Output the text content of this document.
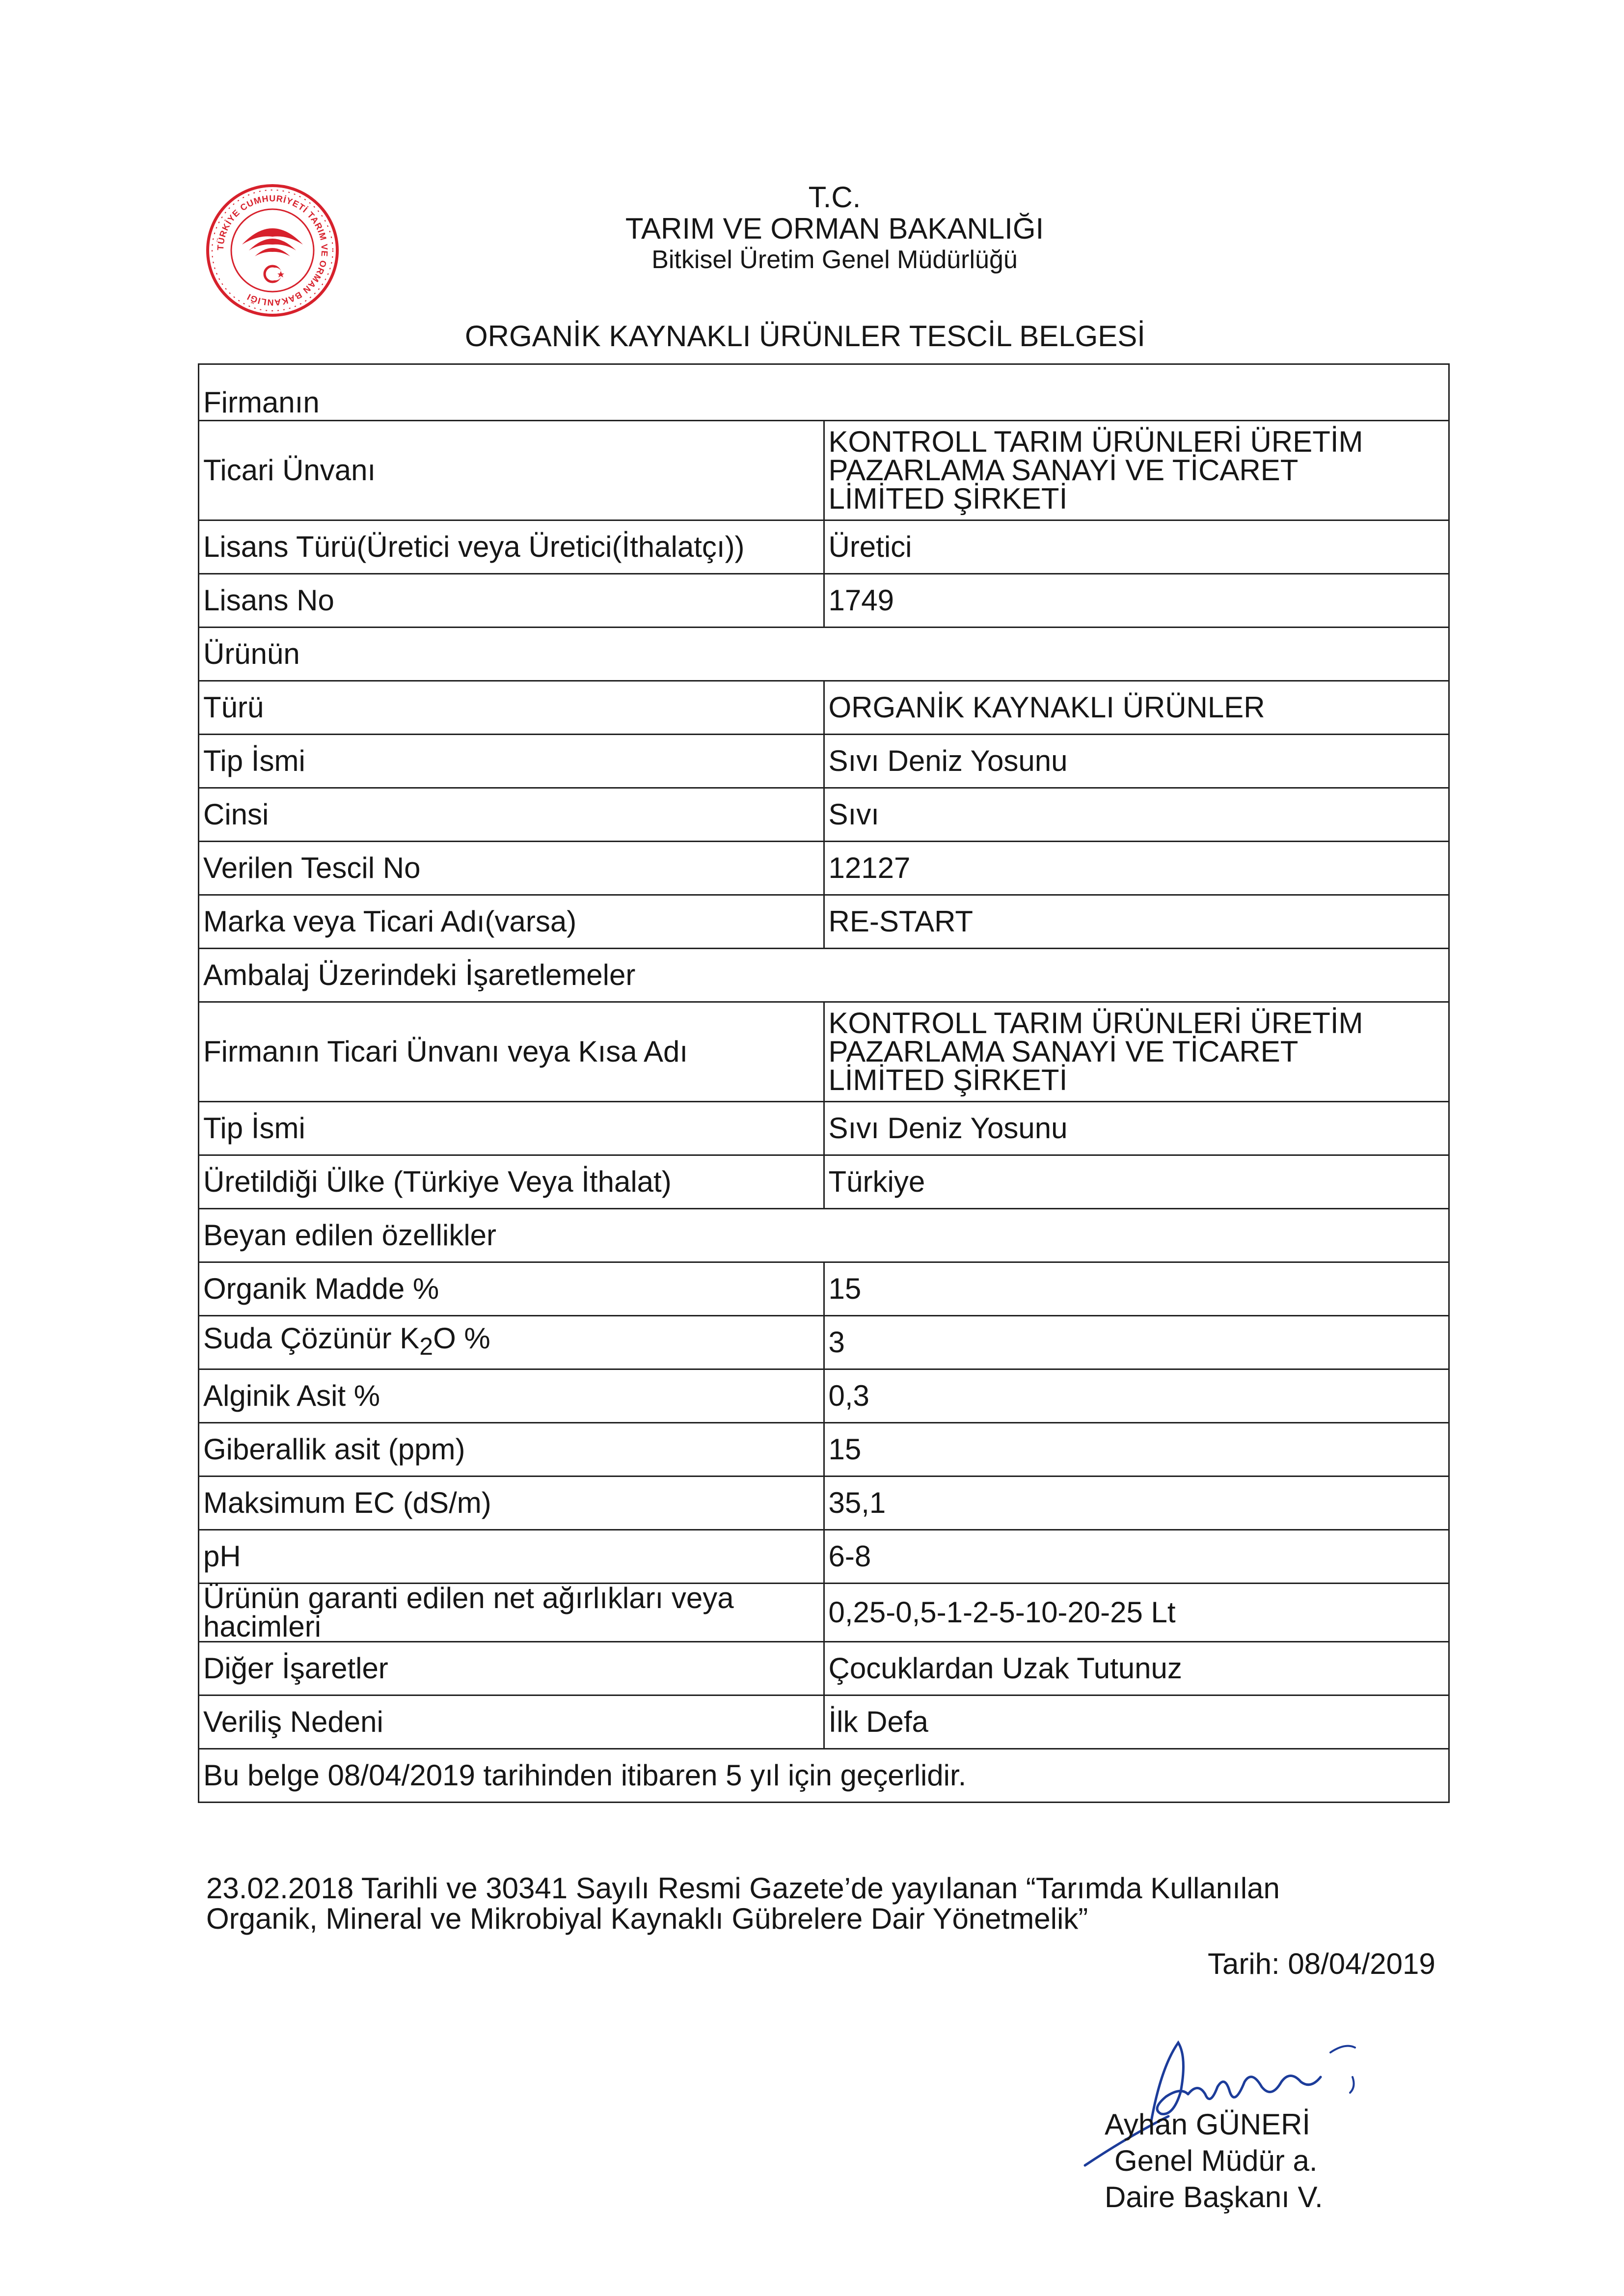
TÜRKİYE CUMHURİYETİ TARIM VE ORMAN BAKANLIĞI
T.C.
TARIM VE ORMAN BAKANLIĞI
Bitkisel Üretim Genel Müdürlüğü
ORGANİK KAYNAKLI ÜRÜNLER TESCİL BELGESİ
Firmanın	
Ticari Ünvanı	KONTROLL TARIM ÜRÜNLERİ ÜRETİM
PAZARLAMA SANAYİ VE TİCARET
LİMİTED ŞİRKETİ

Lisans Türü(Üretici veya Üretici(İthalatçı))	Üretici
Lisans No	1749
Ürünün	
Türü	ORGANİK KAYNAKLI ÜRÜNLER
Tip İsmi	Sıvı Deniz Yosunu
Cinsi	Sıvı
Verilen Tescil No	12127
Marka veya Ticari Adı(varsa)	RE-START
Ambalaj Üzerindeki İşaretlemeler	
Firmanın Ticari Ünvanı veya Kısa Adı	KONTROLL TARIM ÜRÜNLERİ ÜRETİM
PAZARLAMA SANAYİ VE TİCARET
LİMİTED ŞİRKETİ

Tip İsmi	Sıvı Deniz Yosunu
Üretildiği Ülke (Türkiye Veya İthalat)	Türkiye
Beyan edilen özellikler	
Organik Madde %	15
Suda Çözünür $K_2O$ %	3
Alginik Asit %	0,3
Giberallik asit (ppm)	15
Maksimum EC (dS/m)	35,1
pH	6-8

Ürünün garanti edilen net ağırlıkları veya
hacimleri	0,25-0,5-1-2-5-10-20-25 Lt
Diğer İşaretler	Çocuklardan Uzak Tutunuz
Veriliş Nedeni	İlk Defa
Bu belge 08/04/2019 tarihinden itibaren 5 yıl için geçerlidir.	
23.02.2018 Tarihli ve 30341 Sayılı Resmi Gazete’de yayılanan “Tarımda Kullanılan
Organik, Mineral ve Mikrobiyal Kaynaklı Gübrelere Dair Yönetmelik”
Tarih: 08/04/2019
Ayhan GÜNERİ
Genel Müdür a.
Daire Başkanı V.
